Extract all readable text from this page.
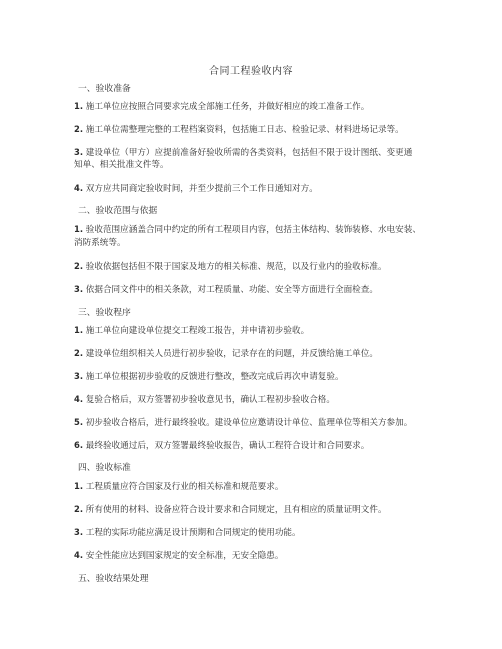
合同工程验收内容
一、验收准备
1. 施工单位应按照合同要求完成全部施工任务，并做好相应的竣工准备工作。
2. 施工单位需整理完整的工程档案资料，包括施工日志、检验记录、材料进场记录等。
3. 建设单位（甲方）应提前准备好验收所需的各类资料，包括但不限于设计图纸、变更通
知单、相关批准文件等。
4. 双方应共同商定验收时间，并至少提前三个工作日通知对方。
二、验收范围与依据
1. 验收范围应涵盖合同中约定的所有工程项目内容，包括主体结构、装饰装修、水电安装、
消防系统等。
2. 验收依据包括但不限于国家及地方的相关标准、规范，以及行业内的验收标准。
3. 依据合同文件中的相关条款，对工程质量、功能、安全等方面进行全面检查。
三、验收程序
1. 施工单位向建设单位提交工程竣工报告，并申请初步验收。
2. 建设单位组织相关人员进行初步验收，记录存在的问题，并反馈给施工单位。
3. 施工单位根据初步验收的反馈进行整改，整改完成后再次申请复验。
4. 复验合格后，双方签署初步验收意见书，确认工程初步验收合格。
5. 初步验收合格后，进行最终验收。建设单位应邀请设计单位、监理单位等相关方参加。
6. 最终验收通过后，双方签署最终验收报告，确认工程符合设计和合同要求。
四、验收标准
1. 工程质量应符合国家及行业的相关标准和规范要求。
2. 所有使用的材料、设备应符合设计要求和合同规定，且有相应的质量证明文件。
3. 工程的实际功能应满足设计预期和合同规定的使用功能。
4. 安全性能应达到国家规定的安全标准，无安全隐患。
五、验收结果处理
